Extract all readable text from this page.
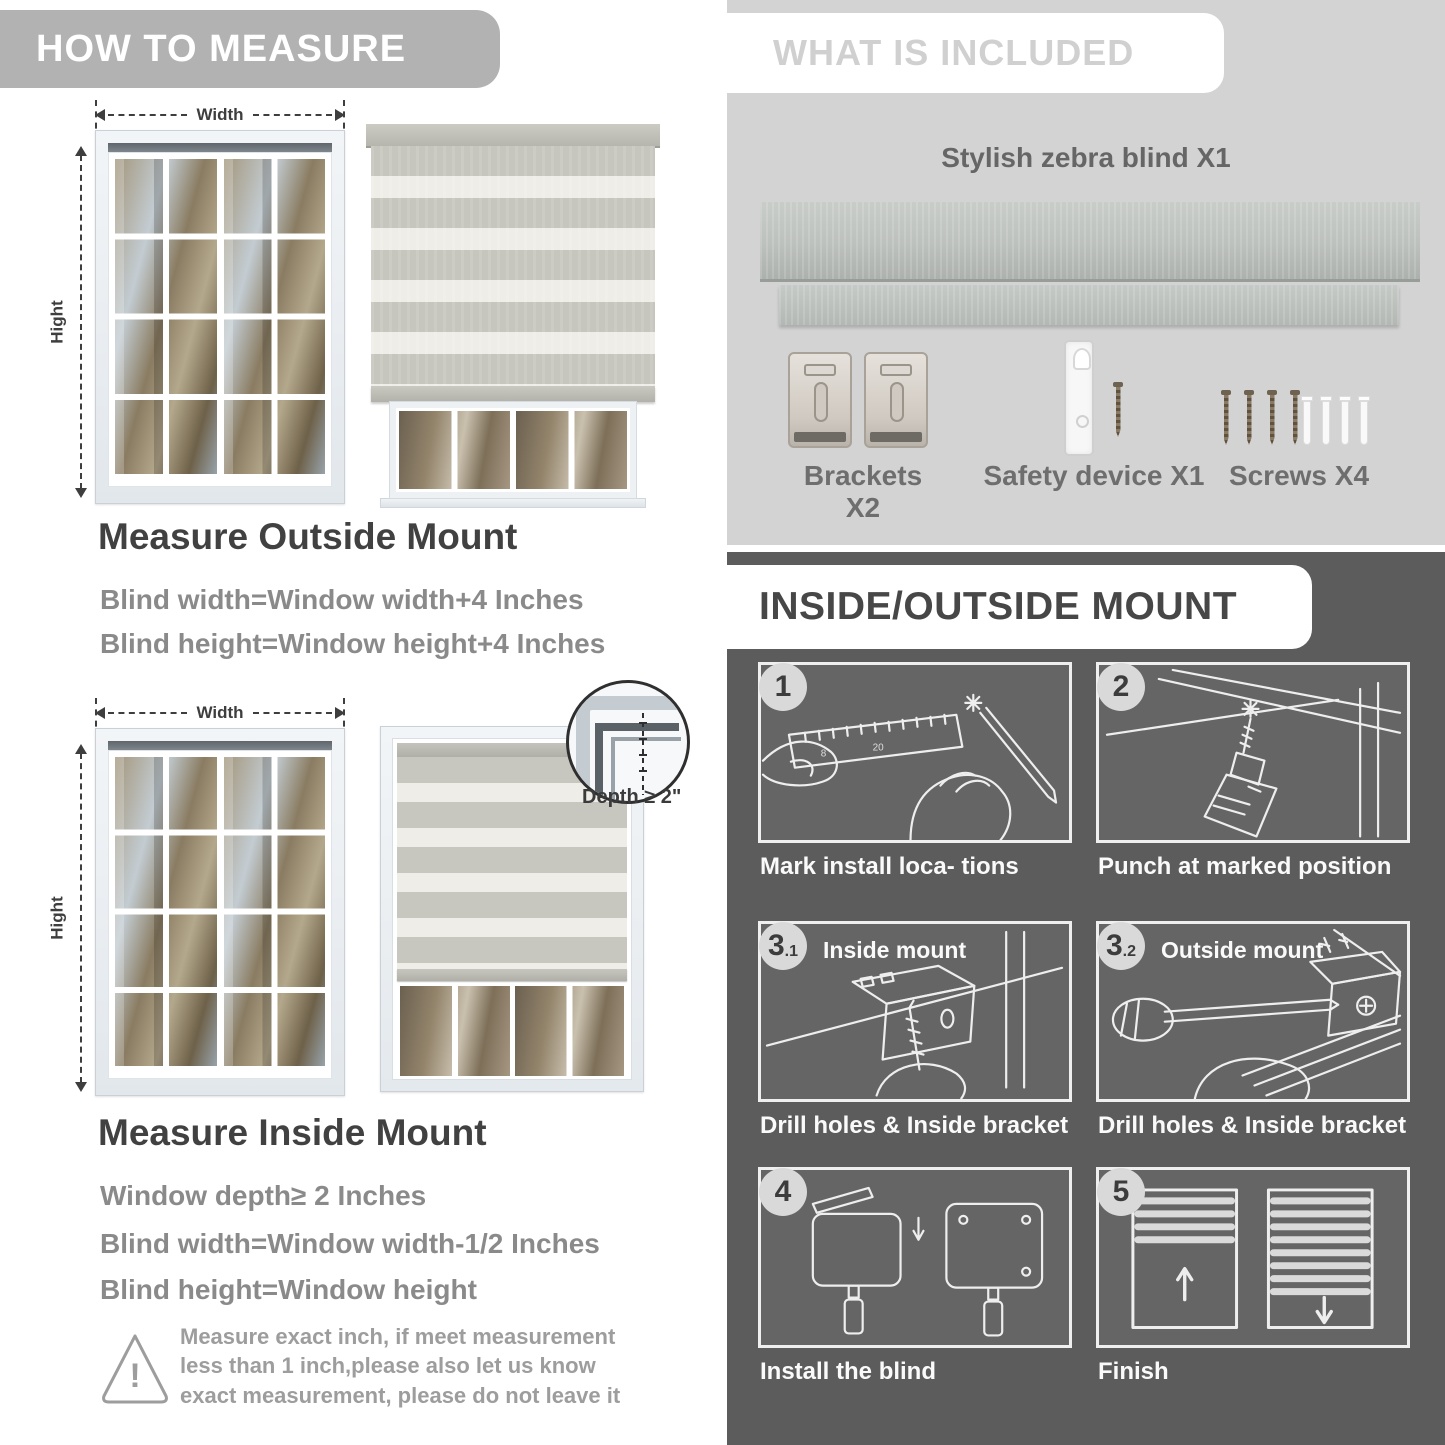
HOW TO MEASURE
Width
Hight
Measure Outside Mount

Blind width=Window width+4 Inches

Blind height=Window height+4 Inches

Width
Hight
Depth ≥ 2"
Measure Inside Mount

Window depth≥ 2 Inches

Blind width=Window width-1/2 Inches

Blind height=Window height

!

Measure exact inch, if meet measurement less than 1 inch,please also let us know exact measurement, please do not leave it

WHAT IS INCLUDED
Stylish zebra blind X1
Brackets X2
Safety device X1 Screws X4
INSIDE/OUTSIDE MOUNT
8
20
1
Mark install loca- tions
2
Punch at marked position
3 .1 Inside mount
Drill holes & Inside bracket
3 .2 Outside mount
Drill holes & Inside bracket
4
Install the blind
5
Finish
